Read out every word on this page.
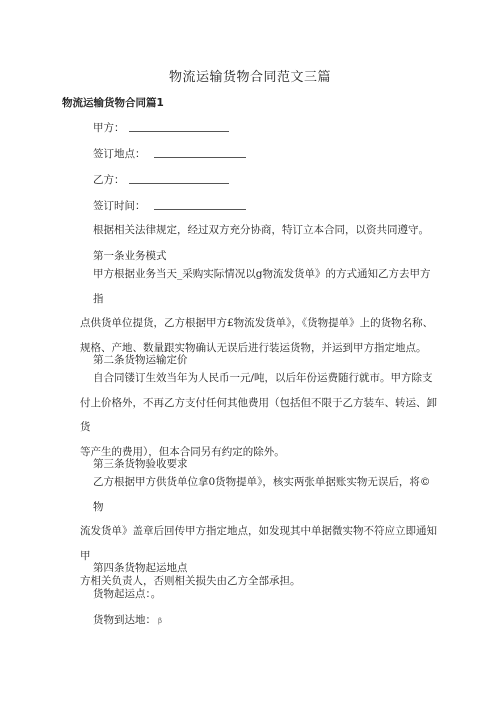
物流运输货物合同范文三篇
物流运输货物合同篇1
甲方：
签订地点：
乙方：
签订时间：
根据相关法律规定，经过双方充分协商，特订立本合同，以资共同遵守。
第一条业务模式
甲方根据业务当天_采购实际情况以g物流发货单》的方式通知乙方去甲方指
点供货单位提货，乙方根据甲方£物流发货单》，《货物提单》上的货物名称、
规格、产地、数量跟实物确认无误后进行装运货物，并运到甲方指定地点。
第二条货物运输定价
自合同镂订生效当年为人民币一元/吨，以后年份运费随行就市。甲方除支
付上价格外，不再乙方支付任何其他费用（包括但不限于乙方装车、转运、卸货
等产生的费用），但本合同另有约定的除外。
第三条货物验收要求
乙方根据甲方供货单位拿0货物提单》，核实两张单据账实物无误后，将©物
流发货单》盖章后回传甲方指定地点，如发现其中单据微实物不符应立即通知甲
方相关负责人，否则相关损失由乙方全部承担。
第四条货物起运地点
货物起运点：。
货物到达地： β
